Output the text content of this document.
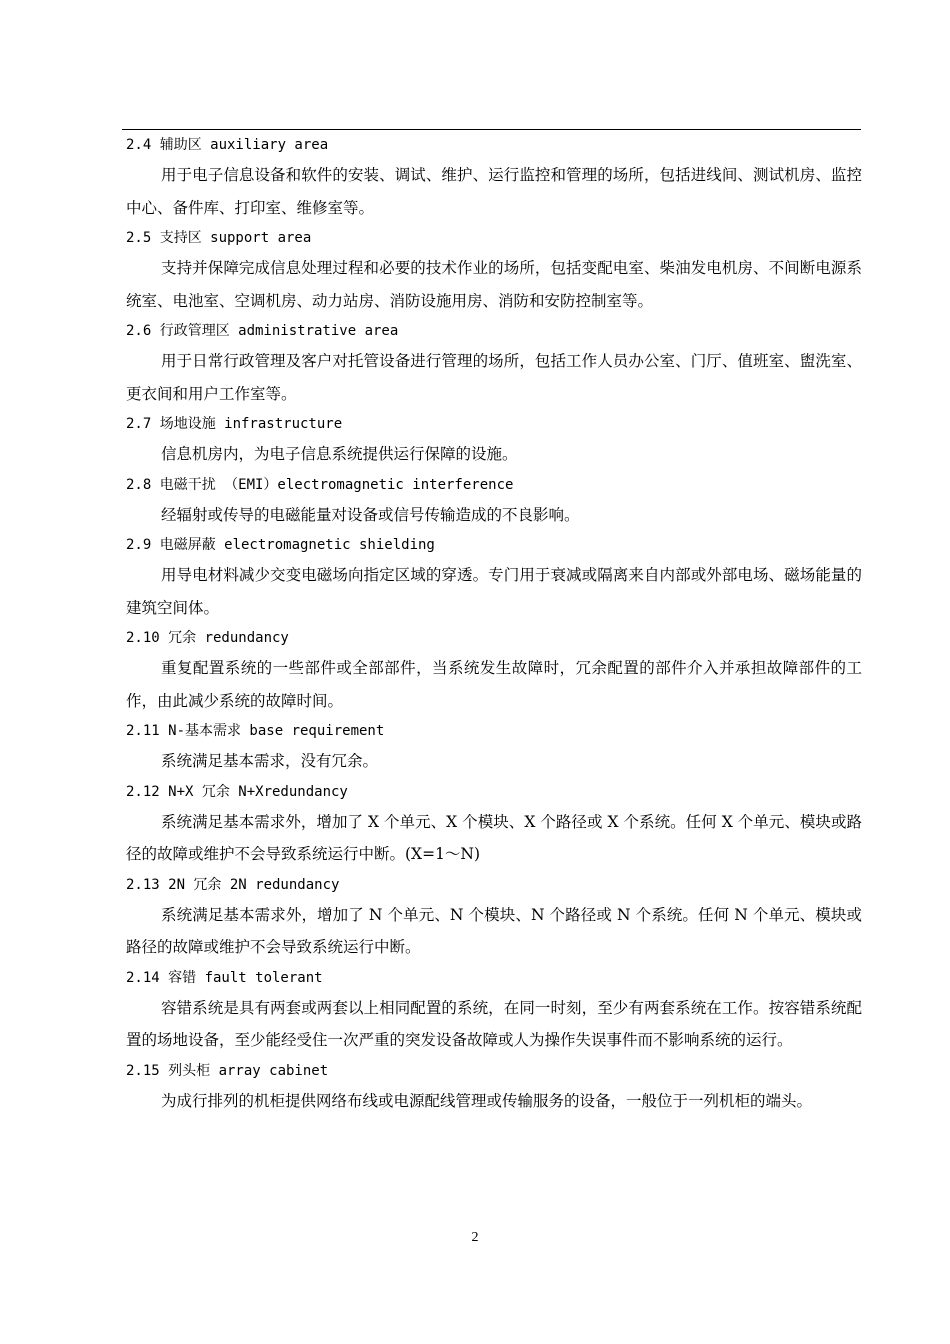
2.4 辅助区 auxiliary area

用于电子信息设备和软件的安装、调试、维护、运行监控和管理的场所，包括进线间、测试机房、监控中心、备件库、打印室、维修室等。

2.5 支持区 support area

支持并保障完成信息处理过程和必要的技术作业的场所，包括变配电室、柴油发电机房、不间断电源系统室、电池室、空调机房、动力站房、消防设施用房、消防和安防控制室等。

2.6 行政管理区 administrative area

用于日常行政管理及客户对托管设备进行管理的场所，包括工作人员办公室、门厅、值班室、盥洗室、更衣间和用户工作室等。

2.7 场地设施 infrastructure

信息机房内，为电子信息系统提供运行保障的设施。

2.8 电磁干扰 （EMI）electromagnetic interference

经辐射或传导的电磁能量对设备或信号传输造成的不良影响。

2.9 电磁屏蔽 electromagnetic shielding

用导电材料减少交变电磁场向指定区域的穿透。专门用于衰减或隔离来自内部或外部电场、磁场能量的建筑空间体。

2.10 冗余 redundancy

重复配置系统的一些部件或全部部件，当系统发生故障时，冗余配置的部件介入并承担故障部件的工作，由此减少系统的故障时间。

2.11 N-基本需求 base requirement

系统满足基本需求，没有冗余。

2.12 N+X 冗余 N+Xredundancy

系统满足基本需求外，增加了 X 个单元、X 个模块、X 个路径或 X 个系统。任何 X 个单元、模块或路径的故障或维护不会导致系统运行中断。(X=1～N)

2.13 2N 冗余 2N redundancy

系统满足基本需求外，增加了 N 个单元、N 个模块、N 个路径或 N 个系统。任何 N 个单元、模块或路径的故障或维护不会导致系统运行中断。

2.14 容错 fault tolerant

容错系统是具有两套或两套以上相同配置的系统，在同一时刻，至少有两套系统在工作。按容错系统配置的场地设备，至少能经受住一次严重的突发设备故障或人为操作失误事件而不影响系统的运行。

2.15 列头柜 array cabinet

为成行排列的机柜提供网络布线或电源配线管理或传输服务的设备，一般位于一列机柜的端头。

2
